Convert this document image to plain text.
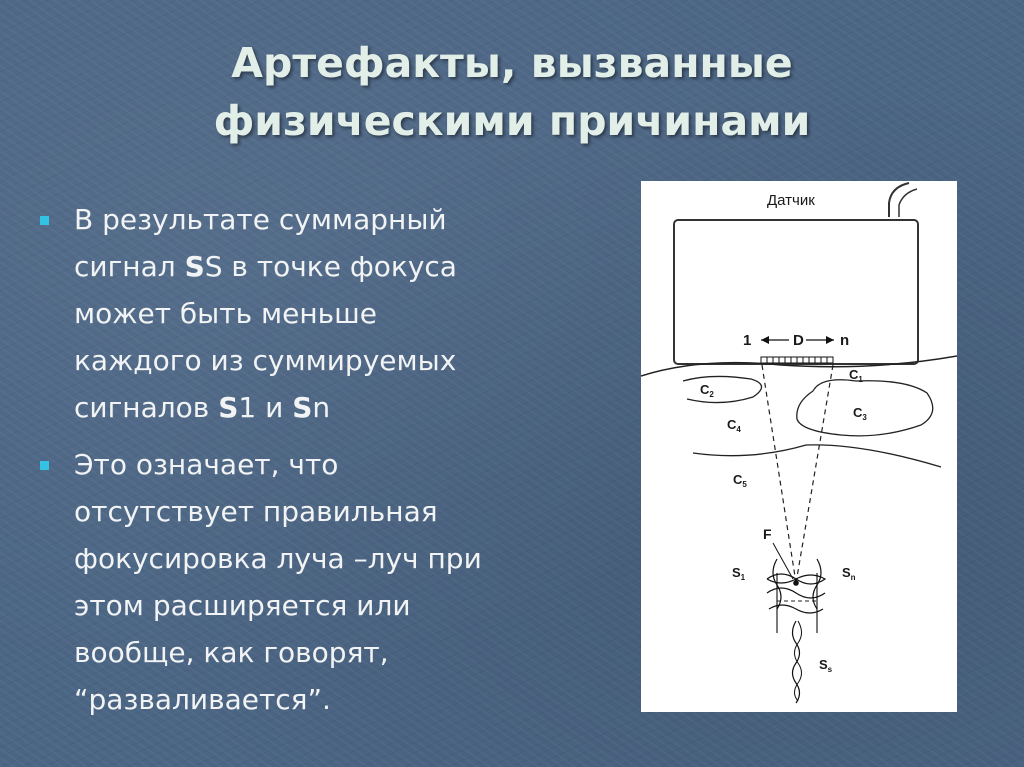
Артефакты, вызванные
физическими причинами
В результате суммарный
сигнал SS в точке фокуса
может быть меньше
каждого из суммируемых
сигналов S1 и Sn
Это означает, что
отсутствует правильная
фокусировка луча –луч при
этом расширяется или
вообще, как говорят,
“разваливается”.
Датчик
1	D n
$C_2$
$C_1$
$C_3$
$C_4$
$C_5$
F
$S_1$	$S_n$
$S_s$
